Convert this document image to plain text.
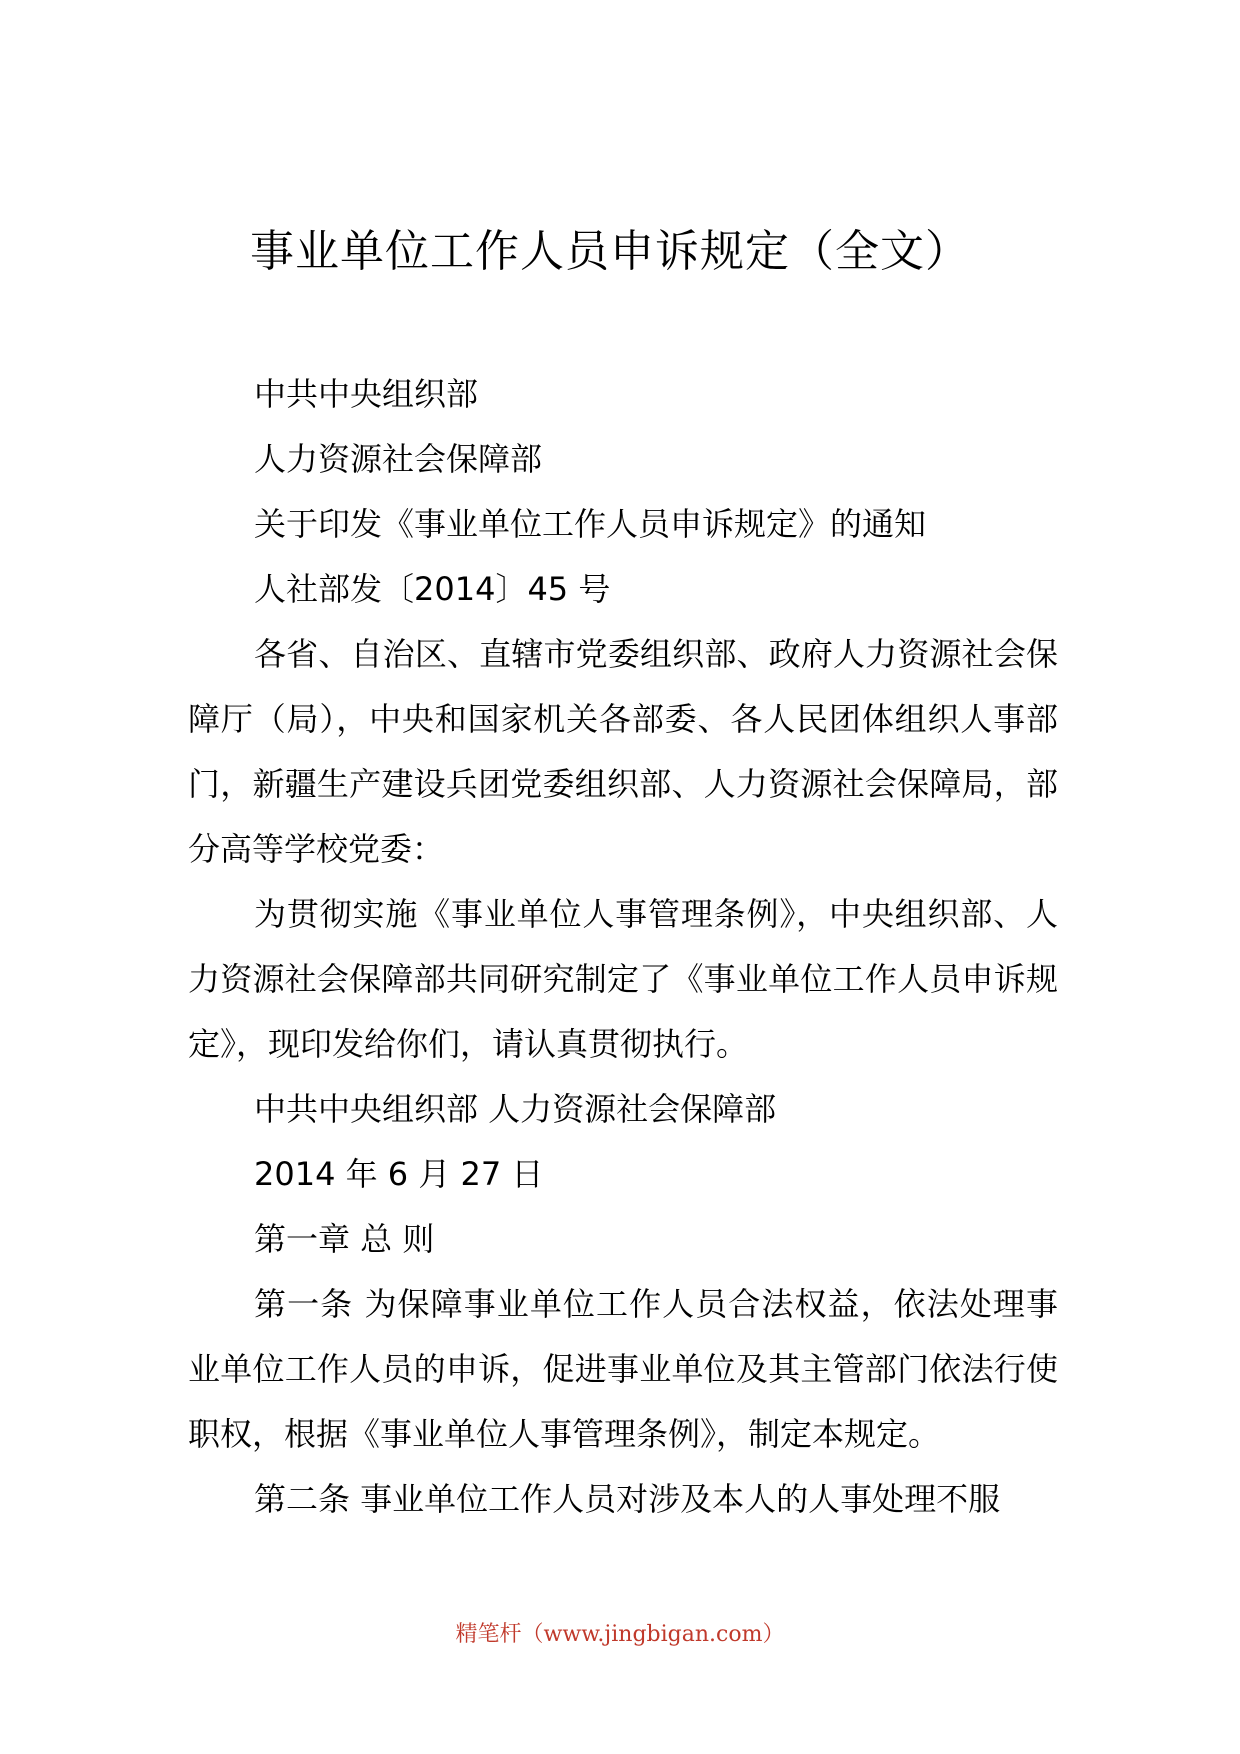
事业单位工作人员申诉规定（全文）

中共中央组织部

人力资源社会保障部

关于印发《事业单位工作人员申诉规定》的通知

人社部发〔2014〕45 号

各省、自治区、直辖市党委组织部、政府人力资源社会保障厅（局），中央和国家机关各部委、各人民团体组织人事部门，新疆生产建设兵团党委组织部、人力资源社会保障局，部分高等学校党委：

为贯彻实施《事业单位人事管理条例》，中央组织部、人力资源社会保障部共同研究制定了《事业单位工作人员申诉规定》，现印发给你们，请认真贯彻执行。

中共中央组织部 人力资源社会保障部

2014 年 6 月 27 日

第一章 总 则

第一条 为保障事业单位工作人员合法权益，依法处理事业单位工作人员的申诉，促进事业单位及其主管部门依法行使职权，根据《事业单位人事管理条例》，制定本规定。

第二条 事业单位工作人员对涉及本人的人事处理不服

精笔杆（www.jingbigan.com）
